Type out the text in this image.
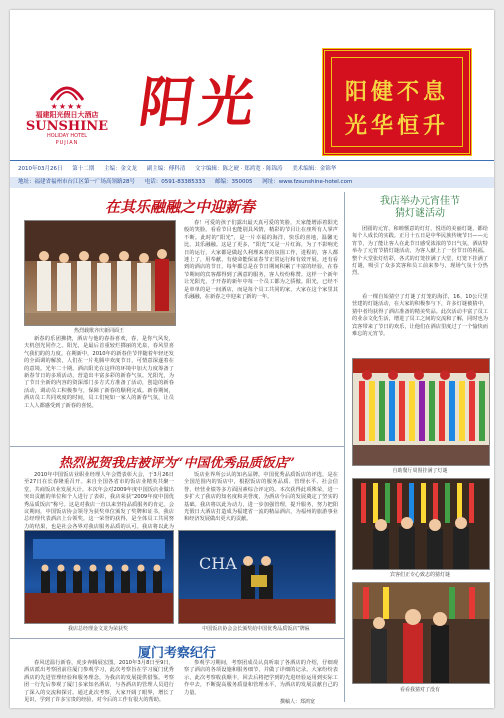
★★★★
福建阳光假日大酒店
SUNSHINE
HOLIDAY HOTEL
PUJIAN
阳光	阳健不息
光华恒升
2010年03月26日 第十二期 主编：金文龙 副主编：傅科清 文字编辑：陈之琥 · 郑鸿宽 · 陈锦涛 美术编辑：金锦华
地址：福建省福州市台江区第一广场高领路28号 电话：0591-83385333 邮编：350005 网址：www.fzsunshine-hotel.com
在其乐融融之中迎新春
热烈载歌齐庆新同面王
新春的乐团拂挠，酒店与他的春眷喜欢，春，是你气风发，夫机创光同作之。阳光，是最后首重较烂掷丽的光泉，春风里喜气我们的的力度。在期新中，2010年的新春佳节伴随着年轻还发的全面调的解放，人们在一片兆腾中欢度节日，可情意深遂着在的意境。光年二十期。酒店阳光在这样的环境中加大力度筹备了新春节日的多项活动，营造出丰富多彩的新春气氛。光阳光，为了节日全新的内容的资深部门多方式方准备了活动，创造的新春活动，调动员工积极参与，保障了新春的顺利完成。新春期间，酒店员工共同欢度的时间，员工们宛如一家人的新春气氛，让员工人人都感受到了新春的喜悦。
春！可爱的孩子们露出最天真可爱的笑脸，天家能增添着阳光般的笑脸。看看节目也能别具风情，精彩的节目让在座所有人掌声不断。此时的“阳光”，是一片幸福的海洋，快乐的喜地，温馨无比，其乐融融。这是了更多，“阳光”又是一片红海，为了不影响光日的运行，大家都是做起久利理来喜的氛围工作，进程的，客人都迷上了，用奉献、有使命能保证春节正常运行和有效开展。还有看到的酒店的节日，每年都总是在节日期间积累了丰富的经验，在春节期间的宾客都得到了满意的服务，客人纷纷称赞。这样一个新年让光阳光，于开春的新年中每一个员工都为之骄傲。阳光，已经不是单单的是一间酒店，而是每个员工共同的家，大家在这个家里其乐融融，在新春之中迎来了新的一年。
热烈祝贺我店被评为“中国优秀品质饭店”
2010年中国饭店业职业经理人年会暨表彰大会，于3月26日至27日在长春隆重召开。来自全国各省市的饭店业精英共聚一堂，共商饭店业发展大计。本次年会对2009年度中国饭店业做出突出贡献的单位和个人进行了表彰，我店荣获“2009年度中国优秀品质饭店”称号。这是对我店一直以来坚持品质服务的肯定。会议期间，中国饭店协会领导为获奖单位颁发了奖牌和证书，我店总经理代表酒店上台领奖。这一荣誉的获得，是全体员工共同努力的结果，也是社会各界对我店服务品质的认可。我店将以此为
饭店业界所公认的知名品牌。中国优秀品质饭店的评选，是在全国范围内的饭店中，根据饭店的服务品质、管理水平、社会信誉、经营业绩等多方面因素综合评定的。本次获得此项殊荣，进一步扩大了我店的知名度和美誉度，为酒店今后的发展奠定了坚实的基础。我店将以此为动力，进一步加强管理，提升服务，努力把阳光假日大酒店打造成为福建省一流的精品酒店，为福州的旅游事业和经济发展做出更大的贡献。
CHA
我店总经理金文龙为荣获奖	中国饭店协会会长颁奖给中国优秀品质饭店”牌匾
厦门考察纪行
春风送温行新春，虎步奔腾展宏图。2010年3月8日至9日，酒店派出考察团前往厦门参观学习，此次考察旨在学习厦门优秀酒店的先进管理经验和服务理念，为我店的发展提供借鉴。考察团一行先后参观了厦门多家知名酒店，与各酒店的管理人员进行了深入的交流和探讨。通过此次考察，大家开阔了眼界，增长了见识，学到了许多宝贵的经验，对今后的工作有很大的帮助。
参观学习期间，考察团成员认真听取了各酒店的介绍，仔细观察了酒店的各项设施和服务细节，并做了详细的记录。大家纷纷表示，此次考察收获颇丰，回去后将把学到的先进经验运用到实际工作中去，不断提高服务质量和管理水平，为酒店的发展贡献自己的力量。
撰稿人：郑鸿宽
我店举办元宵佳节
猜灯谜活动
团圆的元宵，和睦惬意的灯灯，悦语的美丽灯谜，都给每个人成长的实践。正月十五日是中华民族传统节日——元宵节，为了能让客人在此节日感受浓浓的节日气氛，酒店特举办了元宵节猜灯谜活动，为客人献上了一份节日的祝福。整个大堂张灯结彩，各式的灯笼挂满了大堂，灯笼下挂满了灯谜，吸引了众多宾客和员工前来参与，现场气氛十分热烈。
看一棵自始猜空了灯谜了灯笼的海洋，16、10公尺里营建的灯谜活动，在大家的积极参与下，许多灯谜被猜中，猜中者均获得了酒店准备的精美奖品。此次活动丰富了员工的业余文化生活，增进了员工之间的交流和了解，同时也为宾客带来了节日的欢乐，让他们在酒店里度过了一个愉快而难忘的元宵节。
自助餐厅周围挂满了灯谜
宾客们正专心致志的猜灯谜
看看我猜对了没有
